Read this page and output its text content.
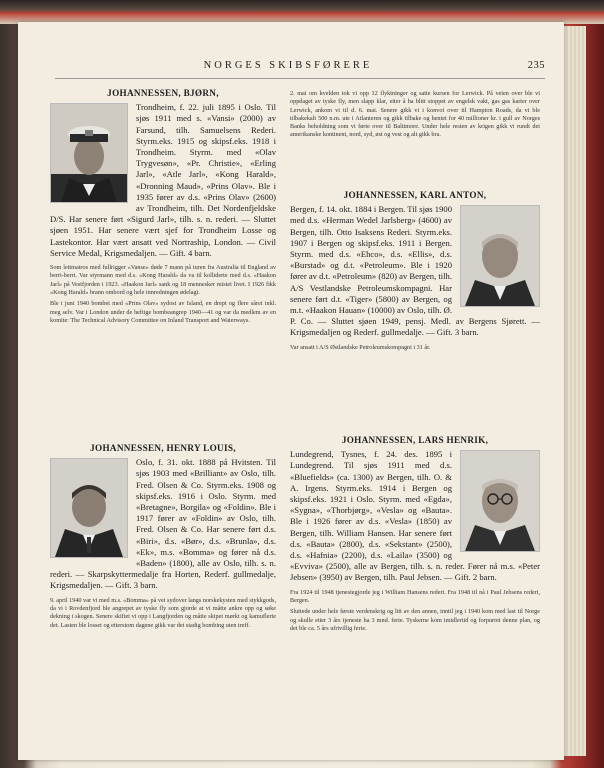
NORGES SKIBSFØRERE	235
JOHANNESSEN, BJØRN,

Trondheim, f. 22. juli 1895 i Oslo. Til sjøs 1911 med s. «Vansi» (2000) av Farsund, tilh. Samuelsens Rederi. Styrm.eks. 1915 og skipsf.eks. 1918 i Trondheim. Styrm. med «Olav Trygvesøn», «Pr. Christie», «Erling Jarl», «Atle Jarl», «Kong Harald», «Dronning Maud», «Prins Olav». Ble i 1935 fører av d.s. «Prins Olav» (2600) av Trondheim, tilh. Det Nordenfjeldske D/S. Har senere ført «Sigurd Jarl», tilh. s. n. rederi. — Sluttet sjøen 1951. Har senere vært sjef for Trondheim Losse og Lastekontor. Har vært ansatt ved Nortraship, London. — Civil Service Medal, Krigsmedaljen. — Gift. 4 barn.

Som lettmatros med fullrigger «Vanse» døde 7 mann på turen fra Australia til England av berri-berri. Var styrmann med d.s. «Kong Harald» da va til kolliderte med d.s. «Haakon Jarl» på Vestfjorden i 1923. «Haakon Jarl» sank og 18 mennesker mistet livet. I 1926 fikk «Kong Harald» brann ombord og hele innredningen ødelagt.

Ble i juni 1940 bombet med «Prins Olav» sydost av Island, en drept og flere såret inkl. meg selv. Var i London under de heftige bombeangrep 1940—41 og var da medlem av en komite: The Technical Advisory Committee on Inland Transport and Waterways.

JOHANNESSEN, HENRY LOUIS,

Oslo, f. 31. okt. 1888 på Hvitsten. Til sjøs 1903 med «Brilliant» av Oslo, tilh. Fred. Olsen & Co. Styrm.eks. 1908 og skipsf.eks. 1916 i Oslo. Styrm. med «Bretagne», Borgila» og «Foldin». Ble i 1917 fører av «Foldin» av Oslo, tilh. Fred. Olsen & Co. Har senere ført d.s. «Biri», d.s. «Bør», d.s. «Brunla», d.s. «Ek», m.s. «Bomma» og fører nå d.s. «Baden» (1800), alle av Oslo, tilh. s. n. rederi. — Skarpskyttermedalje fra Horten, Rederf. gullmedalje, Krigsmedaljen. — Gift. 3 barn.

9. april 1940 var vi med m.s. «Bomma» på vei sydover langs norskekysten med stykkgods, da vi i Rovdenfjord ble angrepet av tyske fly som gjorde at vi måtte ankre opp og søke dekning i skogen. Senere skiftet vi opp i Langfjorden og måtte skipet mørkt og kamuflerte det. Lasten ble losset og etterstom dagene gikk var det stadig bombing uten treff.

2. mai om kvelden tok vi opp 12 flyktninger og satte kursen for Lerwick. På veien over ble vi oppdaget av tyske fly, men slapp klar, etter å ha blitt stoppet av engelsk vakt, gas gas karter over Lerwick, ankom vi til d. 6. mai. Senere gikk vi i konvoi over til Hampton Roads, da vi ble tilbakekalt 500 n.m. ute i Atlanteren og gikk tilbake og hentet for 40 millioner kr. i gull av Norges Banks beholdning som vi førte over til Baltimore. Under hele resten av krigen gikk vi rundt det amerikanske kontinent, nord, syd, øst og vest og alt gikk bra.

JOHANNESSEN, KARL ANTON,

Bergen, f. 14. okt. 1884 i Bergen. Til sjøs 1900 med d.s. «Herman Wedel Jarlsberg» (4600) av Bergen, tilh. Otto Isaksens Rederi. Styrm.eks. 1907 i Bergen og skipsf.eks. 1911 i Bergen. Styrm. med d.s. «Ehco», d.s. «Ellis», d.s. «Burstad» og d.t. «Petroleum». Ble i 1920 fører av d.t. «Petroleum» (820) av Bergen, tilh. A/S Vestlandske Petroleumskompagni. Har senere ført d.t. «Tiger» (5800) av Bergen, og m.t. «Haakon Hauan» (10000) av Oslo, tilh. Ø. P. Co. — Sluttet sjøen 1949, pensj. Medl. av Bergens Sjørett. — Krigsmedaljen og Rederf. gullmedalje. — Gift. 3 barn.

Var ansatt i A/S Østlandske Petroleumskompagni i 31 år.

JOHANNESSEN, LARS HENRIK,

Lundegrend, Tysnes, f. 24. des. 1895 i Lundegrend. Til sjøs 1911 med d.s. «Bluefields» (ca. 1300) av Bergen, tilh. O. & A. Irgens. Styrm.eks. 1914 i Bergen og skipsf.eks. 1921 i Oslo. Styrm. med «Egda», «Sygna», «Thorbjørg», «Vesla» og «Bauta». Ble i 1926 fører av d.s. «Vesla» (1850) av Bergen, tilh. William Hansen. Har senere ført d.s. «Bauta» (2800), d.s. «Sekstant» (2500), d.s. «Hafnia» (2200), d.s. «Laila» (3500) og «Evviva» (2500), alle av Bergen, tilh. s. n. reder. Fører nå m.s. «Peter Jebsen» (3950) av Bergen, tilh. Paul Jebsen. — Gift. 2 barn.

Fra 1924 til 1948 tjenestegjorde jeg i William Hansens rederi. Fra 1948 til nå i Paul Jebsens rederi, Bergen.

Sluttede under hele første verdenskrig og litt av den annen, inntil jeg i 1940 kom med last til Norge og skulle etter 3 års tjeneste ha 3 mnd. ferie. Tyskerne kom imidlertid og forpurret denne plan, og det ble ca. 5 års ufrivillig ferie.
